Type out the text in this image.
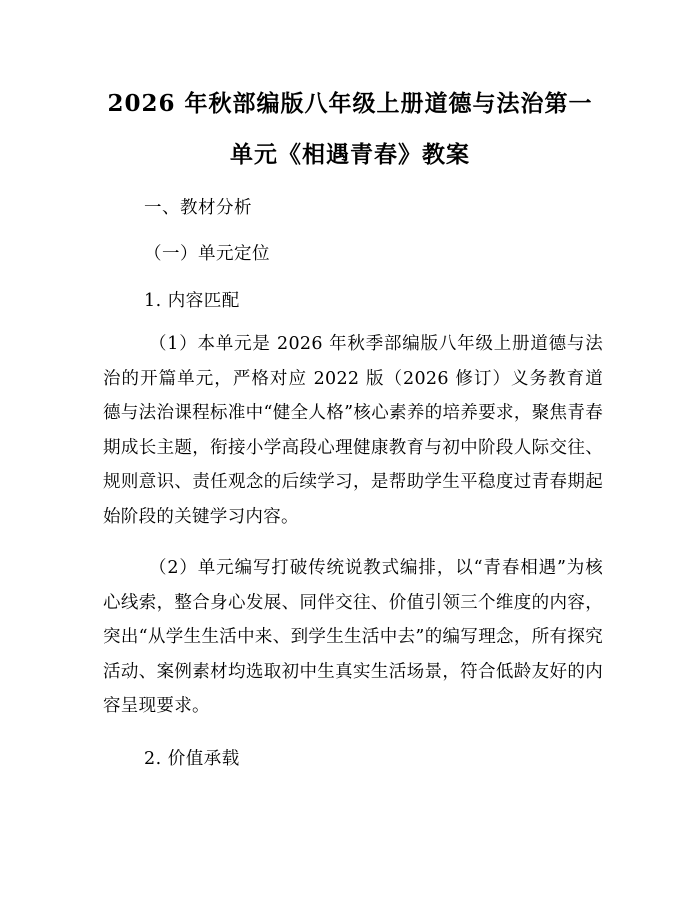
2026 年秋部编版八年级上册道德与法治第一
单元《相遇青春》教案
一、教材分析
（一）单元定位
1. 内容匹配
（1）本单元是 2026 年秋季部编版八年级上册道德与法治的开篇单元，严格对应 2022 版（2026 修订）义务教育道德与法治课程标准中“健全人格”核心素养的培养要求，聚焦青春期成长主题，衔接小学高段心理健康教育与初中阶段人际交往、规则意识、责任观念的后续学习，是帮助学生平稳度过青春期起始阶段的关键学习内容。
（2）单元编写打破传统说教式编排，以“青春相遇”为核心线索，整合身心发展、同伴交往、价值引领三个维度的内容，突出“从学生生活中来、到学生生活中去”的编写理念，所有探究活动、案例素材均选取初中生真实生活场景，符合低龄友好的内容呈现要求。
2. 价值承载
